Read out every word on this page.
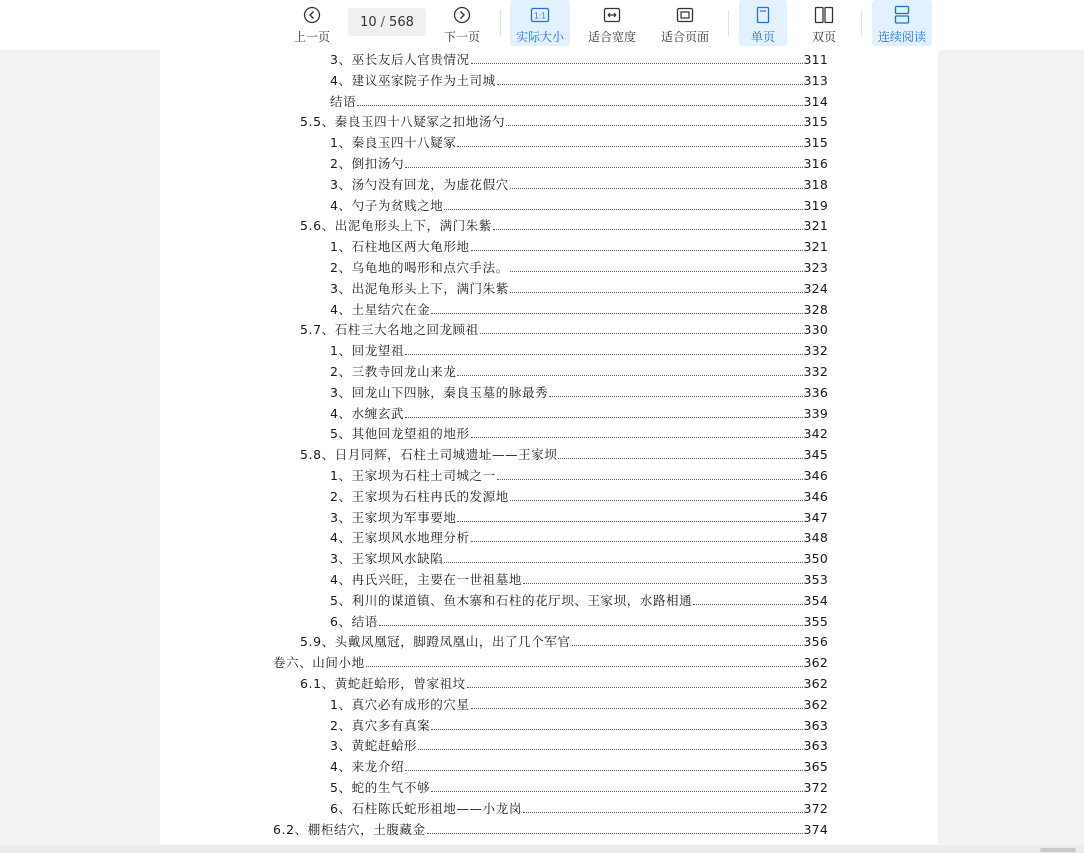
上一页
10 / 568
下一页
1:1
实际大小 适合宽度 适合页面	单页	双页	连续阅读
3、巫长友后人官贵情况	311
4、建议巫家院子作为土司城	313
结语	314
5.5、秦良玉四十八疑冢之扣地汤勺	315
1、秦良玉四十八疑冢	315
2、倒扣汤勺	316
3、汤勺没有回龙，为虚花假穴	318
4、勺子为贫贱之地	319
5.6、出泥龟形头上下，满门朱紫	321
1、石柱地区两大龟形地	321
2、乌龟地的喝形和点穴手法。	323
3、出泥龟形头上下，满门朱紫	324
4、土星结穴在金	328
5.7、石柱三大名地之回龙顾祖	330
1、回龙望祖	332
2、三教寺回龙山来龙	332
3、回龙山下四脉，秦良玉墓的脉最秀	336
4、水缠玄武	339
5、其他回龙望祖的地形	342
5.8、日月同辉，石柱土司城遗址——王家坝	345
1、王家坝为石柱土司城之一	346
2、王家坝为石柱冉氏的发源地	346
3、王家坝为军事要地	347
4、王家坝风水地理分析	348
3、王家坝风水缺陷	350
4、冉氏兴旺，主要在一世祖墓地	353
5、利川的谋道镇、鱼木寨和石柱的花厅坝、王家坝，水路相通	354
6、结语	355
5.9、头戴凤凰冠，脚蹬凤凰山，出了几个军官	356
卷六、山间小地	362
6.1、黄蛇赶蛤形，曾家祖坟	362
1、真穴必有成形的穴星	362
2、真穴多有真案	363
3、黄蛇赶蛤形	363
4、来龙介绍	365
5、蛇的生气不够	372
6、石柱陈氏蛇形祖地——小龙岗	372
6.2、棚柜结穴，土腹藏金	374
